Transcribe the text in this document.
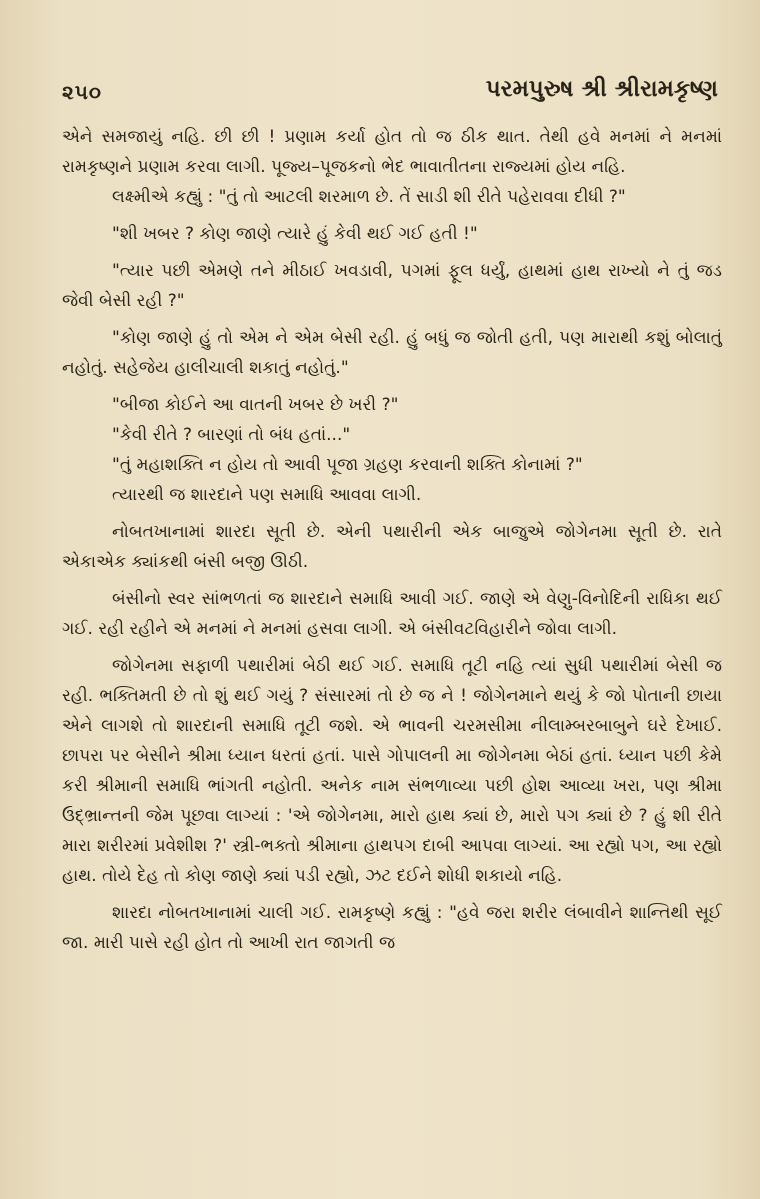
૨૫૦	પરમપુરુષ શ્રી શ્રીરામકૃષ્ણ

એને સમજાયું નહિ. છી છી ! પ્રણામ કર્યા હોત તો જ ઠીક થાત. તેથી હવે મનમાં ને મનમાં રામકૃષ્ણને પ્રણામ કરવા લાગી. પૂજ્ય–પૂજકનો ભેદ ભાવાતીતના રાજ્યમાં હોય નહિ.

લક્ષ્મીએ કહ્યું : "તું તો આટલી શરમાળ છે. તેં સાડી શી રીતે પહેરાવવા દીધી ?"

"શી ખબર ? કોણ જાણે ત્યારે હું કેવી થઈ ગઈ હતી !"

"ત્યાર પછી એમણે તને મીઠાઈ ખવડાવી, પગમાં ફૂલ ધર્યું, હાથમાં હાથ રાખ્યો ને તું જડ જેવી બેસી રહી ?"

"કોણ જાણે હું તો એમ ને એમ બેસી રહી. હું બધું જ જોતી હતી, પણ મારાથી કશું બોલાતું નહોતું. સહેજેય હાલીચાલી શકાતું નહોતું."

"બીજા કોઈને આ વાતની ખબર છે ખરી ?"

"કેવી રીતે ? બારણાં તો બંધ હતાં..."

"તું મહાશક્તિ ન હોય તો આવી પૂજા ગ્રહણ કરવાની શક્તિ કોનામાં ?"

ત્યારથી જ શારદાને પણ સમાધિ આવવા લાગી.

નોબતખાનામાં શારદા સૂતી છે. એની પથારીની એક બાજુએ જોગેનમા સૂતી છે. રાતે એકાએક ક્યાંકથી બંસી બજી ઊઠી.

બંસીનો સ્વર સાંભળતાં જ શારદાને સમાધિ આવી ગઈ. જાણે એ વેણુ-વિનોદિની રાધિકા થઈ ગઈ. રહી રહીને એ મનમાં ને મનમાં હસવા લાગી. એ બંસીવટવિહારીને જોવા લાગી.

જોગેનમા સફાળી પથારીમાં બેઠી થઈ ગઈ. સમાધિ તૂટી નહિ ત્યાં સુધી પથારીમાં બેસી જ રહી. ભક્તિમતી છે તો શું થઈ ગયું ? સંસારમાં તો છે જ ને ! જોગેનમાને થયું કે જો પોતાની છાયા એને લાગશે તો શારદાની સમાધિ તૂટી જશે. એ ભાવની ચરમસીમા નીલામ્બરબાબુને ઘરે દેખાઈ. છાપરા પર બેસીને શ્રીમા ધ્યાન ધરતાં હતાં. પાસે ગોપાલની મા જોગેનમા બેઠાં હતાં. ધ્યાન પછી કેમે કરી શ્રીમાની સમાધિ ભાંગતી નહોતી. અનેક નામ સંભળાવ્યા પછી હોશ આવ્યા ખરા, પણ શ્રીમા ઉદ્ભ્રાન્તની જેમ પૂછવા લાગ્યાં : 'એ જોગેનમા, મારો હાથ ક્યાં છે, મારો પગ ક્યાં છે ? હું શી રીતે મારા શરીરમાં પ્રવેશીશ ?' સ્ત્રી-ભક્તો શ્રીમાના હાથપગ દાબી આપવા લાગ્યાં. આ રહ્યો પગ, આ રહ્યો હાથ. તોયે દેહ તો કોણ જાણે ક્યાં પડી રહ્યો, ઝટ દઈને શોધી શકાયો નહિ.

શારદા નોબતખાનામાં ચાલી ગઈ. રામકૃષ્ણે કહ્યું : "હવે જરા શરીર લંબાવીને શાન્તિથી સૂઈ જા. મારી પાસે રહી હોત તો આખી રાત જાગતી જ
